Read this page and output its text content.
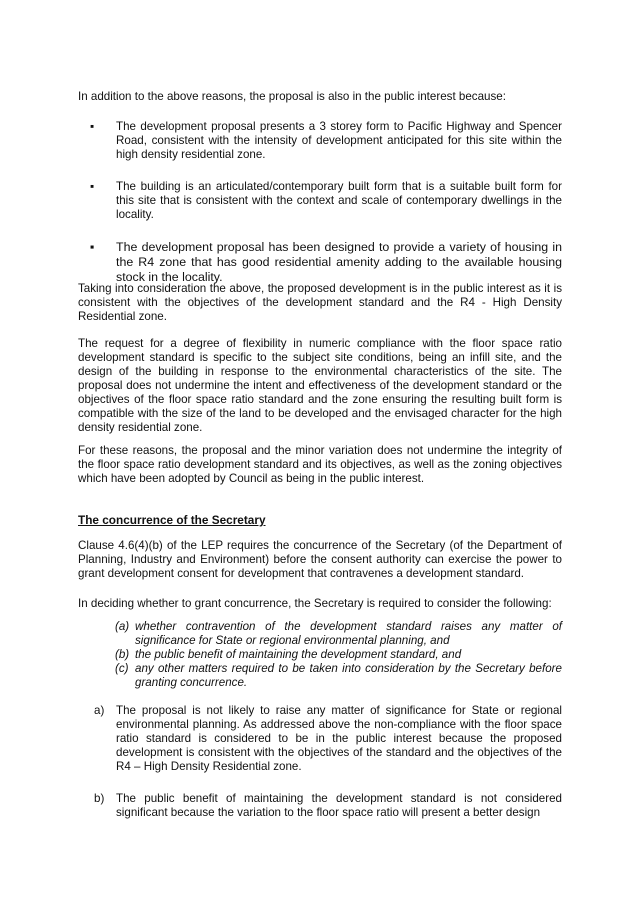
In addition to the above reasons, the proposal is also in the public interest because:

▪ The development proposal presents a 3 storey form to Pacific Highway and Spencer Road, consistent with the intensity of development anticipated for this site within the high density residential zone.
▪ The building is an articulated/contemporary built form that is a suitable built form for this site that is consistent with the context and scale of contemporary dwellings in the locality.
▪ The development proposal has been designed to provide a variety of housing in the R4 zone that has good residential amenity adding to the available housing stock in the locality.

Taking into consideration the above, the proposed development is in the public interest as it is consistent with the objectives of the development standard and the R4 - High Density Residential zone.

The request for a degree of flexibility in numeric compliance with the floor space ratio development standard is specific to the subject site conditions, being an infill site, and the design of the building in response to the environmental characteristics of the site. The proposal does not undermine the intent and effectiveness of the development standard or the objectives of the floor space ratio standard and the zone ensuring the resulting built form is compatible with the size of the land to be developed and the envisaged character for the high density residential zone.

For these reasons, the proposal and the minor variation does not undermine the integrity of the floor space ratio development standard and its objectives, as well as the zoning objectives which have been adopted by Council as being in the public interest.

The concurrence of the Secretary

Clause 4.6(4)(b) of the LEP requires the concurrence of the Secretary (of the Department of Planning, Industry and Environment) before the consent authority can exercise the power to grant development consent for development that contravenes a development standard.

In deciding whether to grant concurrence, the Secretary is required to consider the following:

(a) whether contravention of the development standard raises any matter of significance for State or regional environmental planning, and
(b) the public benefit of maintaining the development standard, and
(c) any other matters required to be taken into consideration by the Secretary before granting concurrence.
a) The proposal is not likely to raise any matter of significance for State or regional environmental planning. As addressed above the non-compliance with the floor space ratio standard is considered to be in the public interest because the proposed development is consistent with the objectives of the standard and the objectives of the R4 – High Density Residential zone.
b) The public benefit of maintaining the development standard is not considered significant because the variation to the floor space ratio will present a better design
